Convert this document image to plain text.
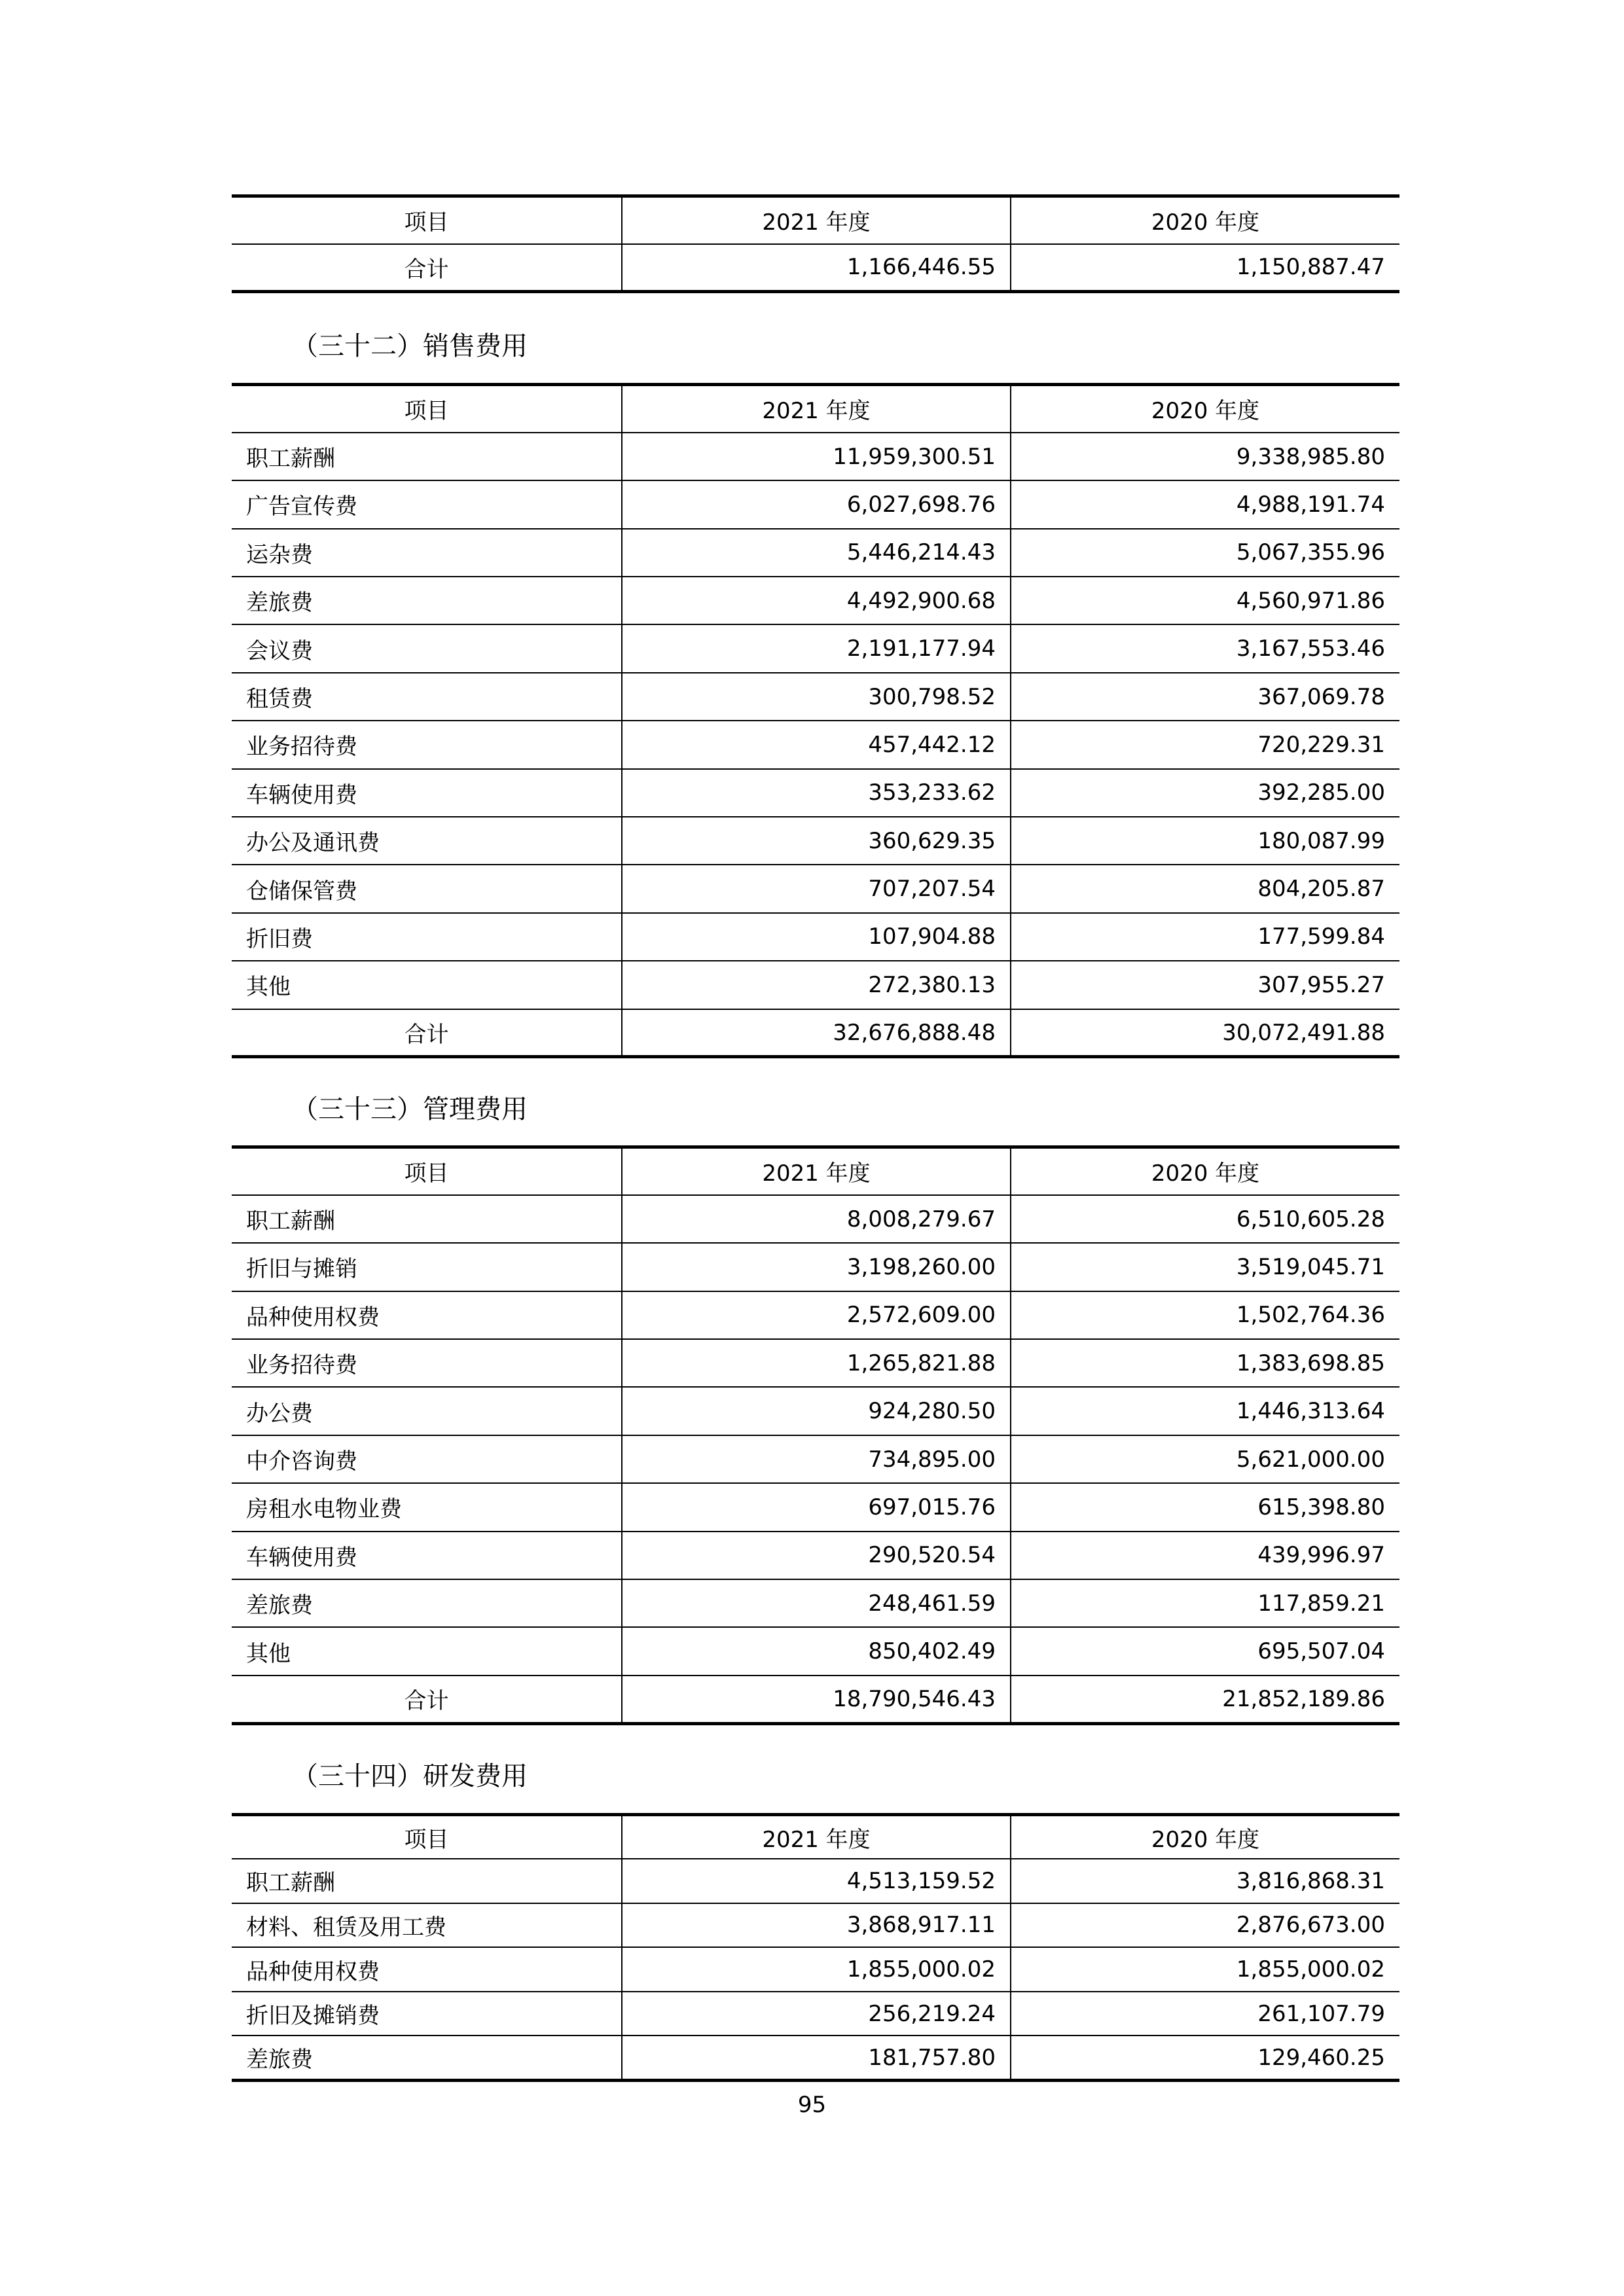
项目	2021 年度	2020 年度
合计	1,166,446.55	1,150,887.47
（三十二）销售费用
项目	2021 年度	2020 年度
职工薪酬	11,959,300.51	9,338,985.80
广告宣传费	6,027,698.76	4,988,191.74
运杂费	5,446,214.43	5,067,355.96
差旅费	4,492,900.68	4,560,971.86
会议费	2,191,177.94	3,167,553.46
租赁费	300,798.52	367,069.78
业务招待费	457,442.12	720,229.31
车辆使用费	353,233.62	392,285.00
办公及通讯费	360,629.35	180,087.99
仓储保管费	707,207.54	804,205.87
折旧费	107,904.88	177,599.84
其他	272,380.13	307,955.27
合计	32,676,888.48	30,072,491.88
（三十三）管理费用
项目	2021 年度	2020 年度
职工薪酬	8,008,279.67	6,510,605.28
折旧与摊销	3,198,260.00	3,519,045.71
品种使用权费	2,572,609.00	1,502,764.36
业务招待费	1,265,821.88	1,383,698.85
办公费	924,280.50	1,446,313.64
中介咨询费	734,895.00	5,621,000.00
房租水电物业费	697,015.76	615,398.80
车辆使用费	290,520.54	439,996.97
差旅费	248,461.59	117,859.21
其他	850,402.49	695,507.04
合计	18,790,546.43	21,852,189.86
（三十四）研发费用
项目	2021 年度	2020 年度
职工薪酬	4,513,159.52	3,816,868.31
材料、租赁及用工费	3,868,917.11	2,876,673.00
品种使用权费	1,855,000.02	1,855,000.02
折旧及摊销费	256,219.24	261,107.79
差旅费	181,757.80	129,460.25
95
